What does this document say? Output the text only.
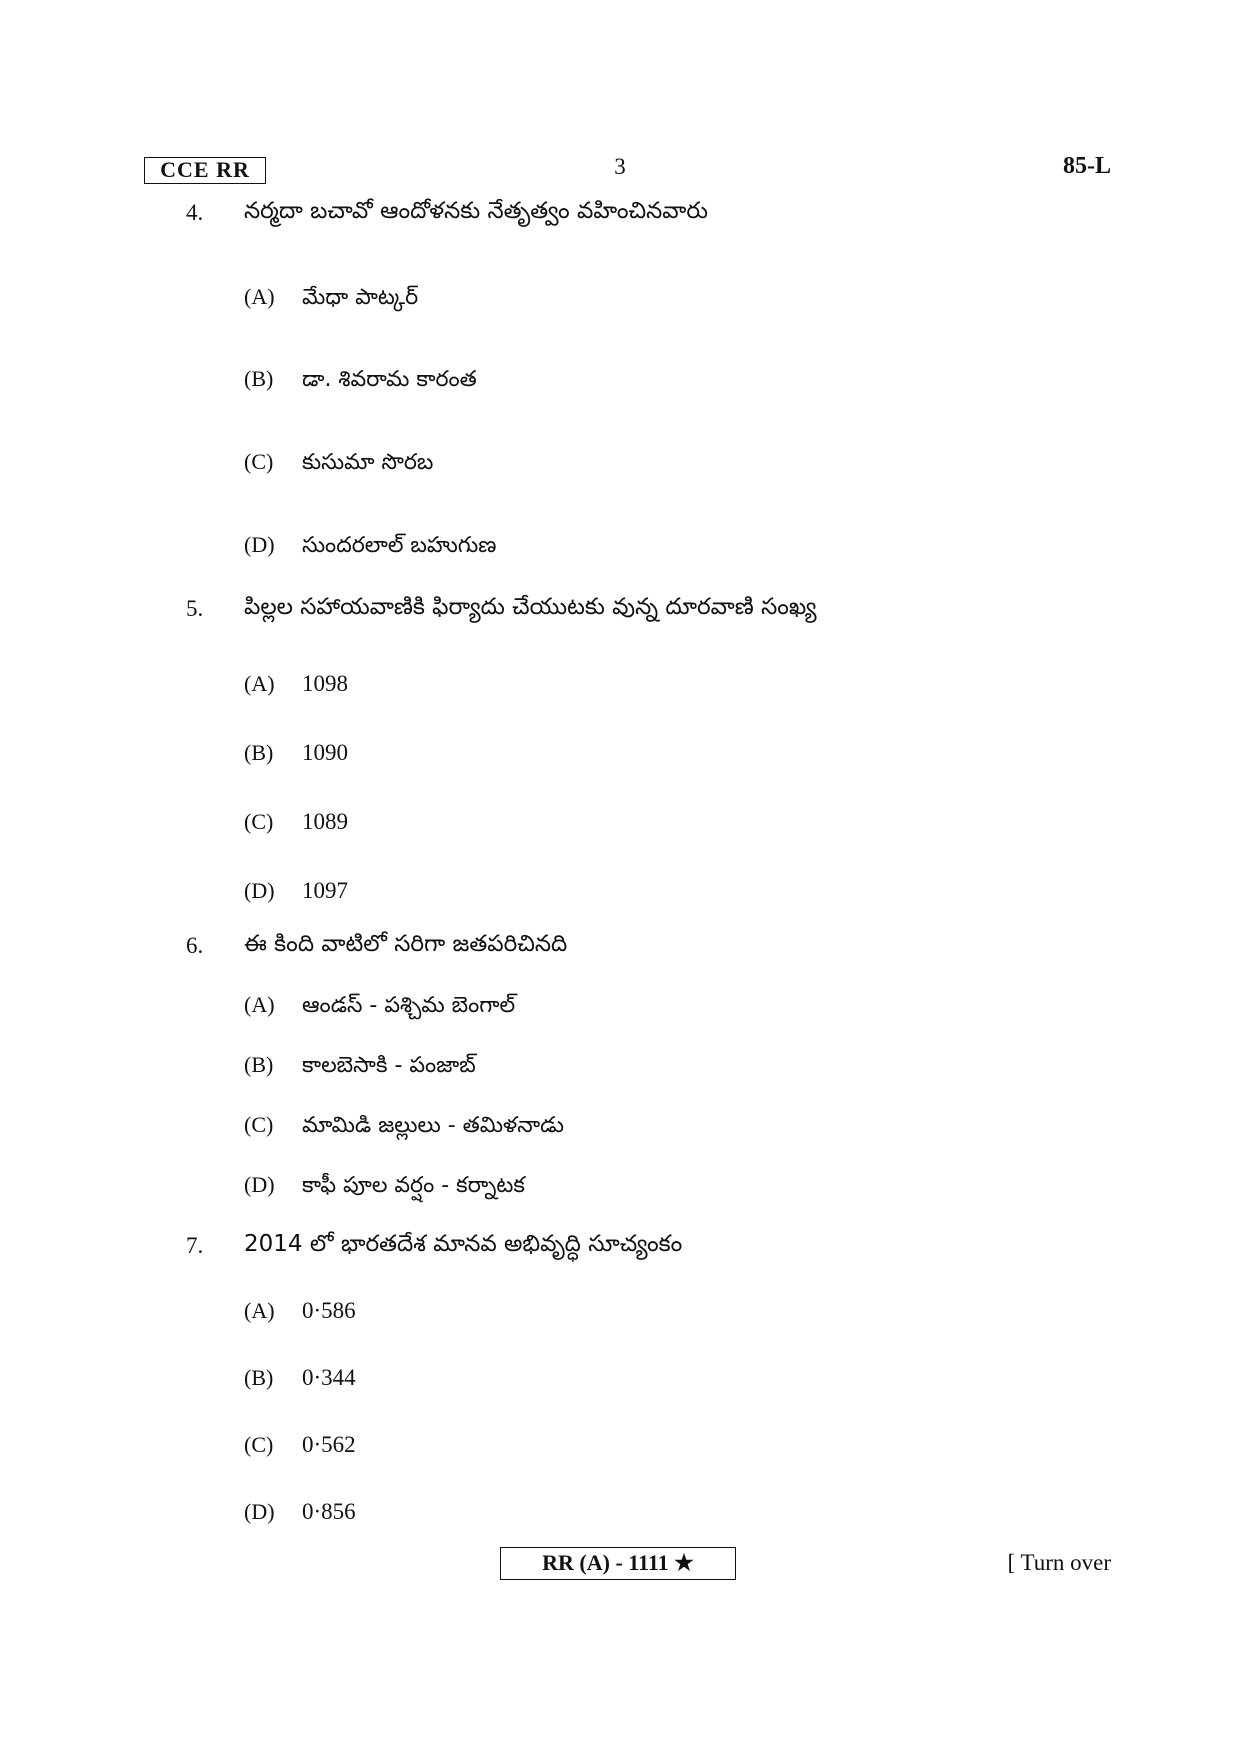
CCE RR	3	85-L
4. నర్మదా బచావో ఆందోళనకు నేతృత్వం వహించినవారు
(A) మేధా పాట్కర్
(B) డా. శివరామ కారంత
(C) కుసుమా సొరబ
(D) సుందరలాల్ బహుగుణ
5. పిల్లల సహాయవాణికి ఫిర్యాదు చేయుటకు వున్న దూరవాణి సంఖ్య
(A) 1098
(B) 1090
(C) 1089
(D) 1097
6. ఈ కింది వాటిలో సరిగా జతపరిచినది
(A) ఆండస్ - పశ్చిమ బెంగాల్
(B) కాలబెసాకి - పంజాబ్
(C) మామిడి జల్లులు - తమిళనాడు
(D) కాఫీ పూల వర్షం - కర్నాటక
7. 2014 లో భారతదేశ మానవ అభివృద్ధి సూచ్యంకం
(A) 0·586
(B) 0·344
(C) 0·562
(D) 0·856
RR (A) - 1111 ★	[ Turn over
